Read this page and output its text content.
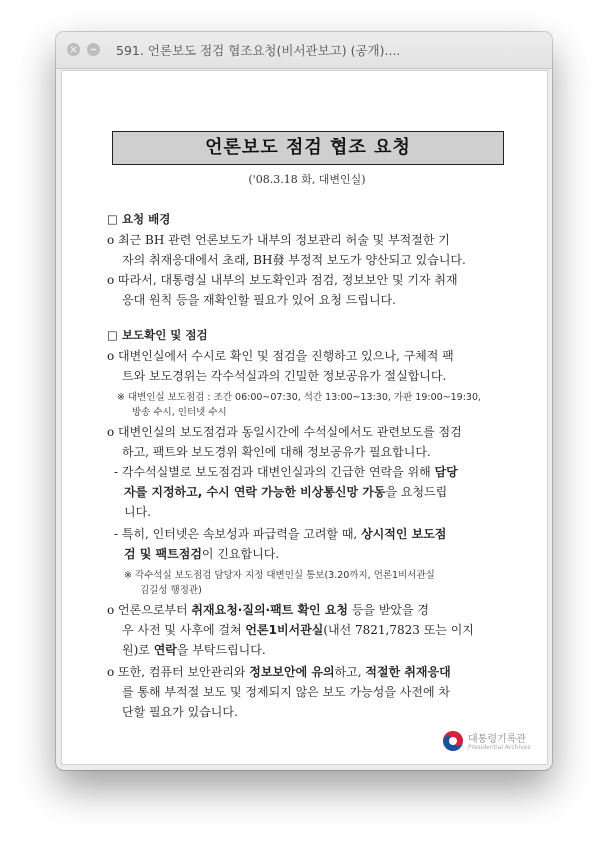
591. 언론보도 점검 협조요청(비서관보고) (공개)....
언론보도 점검 협조 요청
('08.3.18 화, 대변인실)
□ 요청 배경
o 최근 BH 관련 언론보도가 내부의 정보관리 허술 및 부적절한 기
자의 취재응대에서 초래, BH發 부정적 보도가 양산되고 있습니다.
o 따라서, 대통령실 내부의 보도확인과 점검, 정보보안 및 기자 취재
응대 원칙 등을 재확인할 필요가 있어 요청 드립니다.
□ 보도확인 및 점검
o 대변인실에서 수시로 확인 및 점검을 진행하고 있으나, 구체적 팩
트와 보도경위는 각수석실과의 긴밀한 정보공유가 절실합니다.
※ 대변인실 보도점검 : 조간 06:00~07:30, 석간 13:00~13:30, 가판 19:00~19:30,
방송 수시, 인터넷 수시
o 대변인실의 보도점검과 동일시간에 수석실에서도 관련보도를 점검
하고, 팩트와 보도경위 확인에 대해 정보공유가 필요합니다.
- 각수석실별로 보도점검과 대변인실과의 긴급한 연락을 위해 담당
자를 지정하고, 수시 연락 가능한 비상통신망 가동을 요청드립
니다.
- 특히, 인터넷은 속보성과 파급력을 고려할 때, 상시적인 보도점
검 및 팩트점검이 긴요합니다.
※ 각수석실 보도점검 담당자 지정 대변인실 통보(3.20까지, 언론1비서관실
김길성 행정관)
o 언론으로부터 취재요청·질의·팩트 확인 요청 등을 받았을 경
우 사전 및 사후에 걸쳐 언론1비서관실(내선 7821,7823 또는 이지
원)로 연락을 부탁드립니다.
o 또한, 컴퓨터 보안관리와 정보보안에 유의하고, 적절한 취재응대
를 통해 부적절 보도 및 정제되지 않은 보도 가능성을 사전에 차
단할 필요가 있습니다.
대통령기록관
Presidential Archives
